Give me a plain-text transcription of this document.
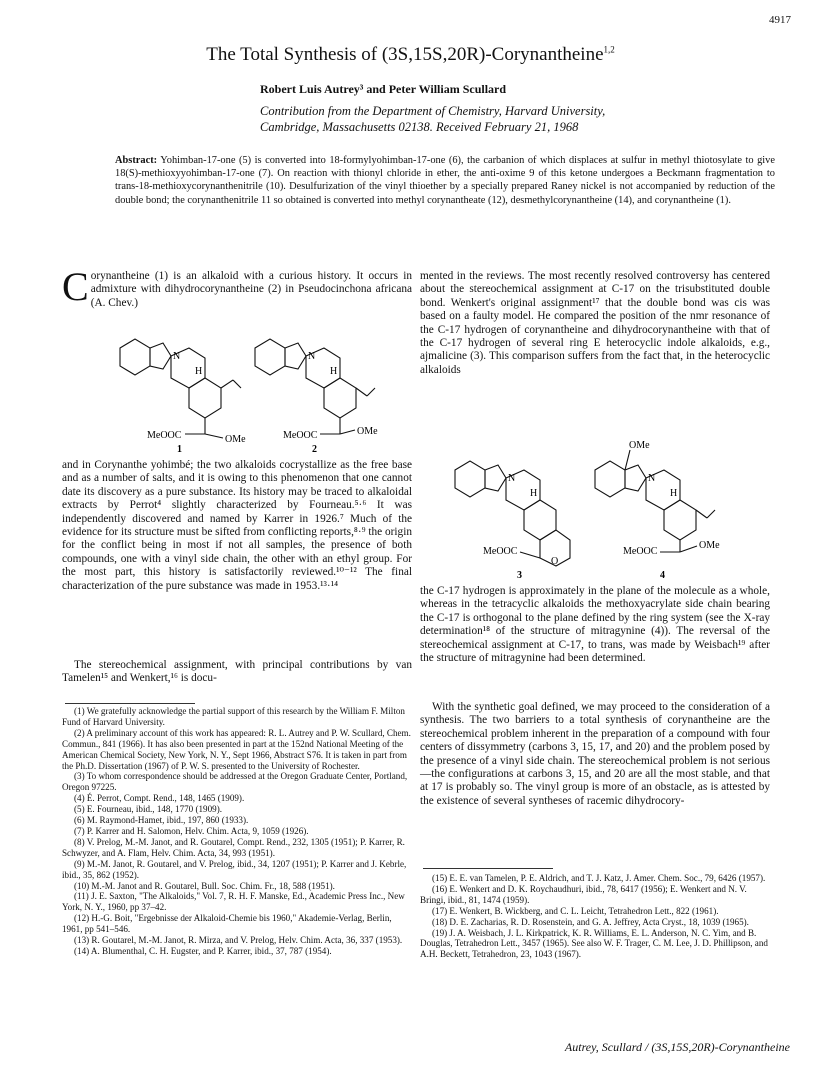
4917
The Total Synthesis of (3S,15S,20R)-Corynantheine$^{1,2}$
Robert Luis Autrey³ and Peter William Scullard
Contribution from the Department of Chemistry, Harvard University,
Cambridge, Massachusetts 02138. Received February 21, 1968
Abstract: Yohimban-17-one (5) is converted into 18-formylyohimban-17-one (6), the carbanion of which displaces at sulfur in methyl thiotosylate to give 18(S)-methioxyyohimban-17-one (7). On reaction with thionyl chloride in ether, the anti-oxime 9 of this ketone undergoes a Beckmann fragmentation to trans-18-methioxycorynanthenitrile (10). Desulfurization of the vinyl thioether by a specially prepared Raney nickel is not accompanied by reduction of the double bond; the corynanthenitrile 11 so obtained is converted into methyl corynantheate (12), desmethylcorynantheine (14), and corynantheine (1).
Corynantheine (1) is an alkaloid with a curious history. It occurs in admixture with dihydrocorynantheine (2) in Pseudocinchona africana (A. Chev.)
N
H
OMe
MeOOC
1
N
H
OMe
MeOOC
2
and in Corynanthe yohimbé; the two alkaloids cocrystallize as the free base and as a number of salts, and it is owing to this phenomenon that one cannot date its discovery as a pure substance. Its history may be traced to alkaloidal extracts by Perrot⁴ slightly characterized by Fourneau.⁵·⁶ It was independently discovered and named by Karrer in 1926.⁷ Much of the evidence for its structure must be sifted from conflicting reports,⁸·⁹ the origin for the conflict being in most if not all samples, the presence of both compounds, one with a vinyl side chain, the other with an ethyl group. For the most part, this history is satisfactorily reviewed.¹⁰⁻¹² The final characterization of the pure substance was made in 1953.¹³·¹⁴
The stereochemical assignment, with principal contributions by van Tamelen¹⁵ and Wenkert,¹⁶ is docu-
(1) We gratefully acknowledge the partial support of this research by the William F. Milton Fund of Harvard University.
(2) A preliminary account of this work has appeared: R. L. Autrey and P. W. Scullard, Chem. Commun., 841 (1966). It has also been presented in part at the 152nd National Meeting of the American Chemical Society, New York, N. Y., Sept 1966, Abstract S76. It is taken in part from the Ph.D. Dissertation (1967) of P. W. S. presented to the University of Rochester.
(3) To whom correspondence should be addressed at the Oregon Graduate Center, Portland, Oregon 97225.
(4) É. Perrot, Compt. Rend., 148, 1465 (1909).
(5) E. Fourneau, ibid., 148, 1770 (1909).
(6) M. Raymond-Hamet, ibid., 197, 860 (1933).
(7) P. Karrer and H. Salomon, Helv. Chim. Acta, 9, 1059 (1926).
(8) V. Prelog, M.-M. Janot, and R. Goutarel, Compt. Rend., 232, 1305 (1951); P. Karrer, R. Schwyzer, and A. Flam, Helv. Chim. Acta, 34, 993 (1951).
(9) M.-M. Janot, R. Goutarel, and V. Prelog, ibid., 34, 1207 (1951); P. Karrer and J. Kebrle, ibid., 35, 862 (1952).
(10) M.-M. Janot and R. Goutarel, Bull. Soc. Chim. Fr., 18, 588 (1951).
(11) J. E. Saxton, "The Alkaloids," Vol. 7, R. H. F. Manske, Ed., Academic Press Inc., New York, N. Y., 1960, pp 37–42.
(12) H.-G. Boit, "Ergebnisse der Alkaloid-Chemie bis 1960," Akademie-Verlag, Berlin, 1961, pp 541–546.
(13) R. Goutarel, M.-M. Janot, R. Mirza, and V. Prelog, Helv. Chim. Acta, 36, 337 (1953).
(14) A. Blumenthal, C. H. Eugster, and P. Karrer, ibid., 37, 787 (1954).
mented in the reviews. The most recently resolved controversy has centered about the stereochemical assignment at C-17 on the trisubstituted double bond. Wenkert's original assignment¹⁷ that the double bond was cis was based on a faulty model. He compared the position of the nmr resonance of the C-17 hydrogen of corynantheine and dihydrocorynantheine with that of the C-17 hydrogen of several ring E heterocyclic indole alkaloids, e.g., ajmalicine (3). This comparison suffers from the fact that, in the heterocyclic alkaloids
N
H
O
MeOOC
3
OMe
N
H
OMe
MeOOC
4
the C-17 hydrogen is approximately in the plane of the molecule as a whole, whereas in the tetracyclic alkaloids the methoxyacrylate side chain bearing the C-17 is orthogonal to the plane defined by the ring system (see the X-ray determination¹⁸ of the structure of mitragynine (4)). The reversal of the stereochemical assignment at C-17, to trans, was made by Weisbach¹⁹ after the structure of mitragynine had been determined.
With the synthetic goal defined, we may proceed to the consideration of a synthesis. The two barriers to a total synthesis of corynantheine are the stereochemical problem inherent in the preparation of a compound with four centers of dissymmetry (carbons 3, 15, 17, and 20) and the problem posed by the presence of a vinyl side chain. The stereochemical problem is not serious—the configurations at carbons 3, 15, and 20 are all the most stable, and that at 17 is probably so. The vinyl group is more of an obstacle, as is attested by the existence of several syntheses of racemic dihydrocory-
(15) E. E. van Tamelen, P. E. Aldrich, and T. J. Katz, J. Amer. Chem. Soc., 79, 6426 (1957).
(16) E. Wenkert and D. K. Roychaudhuri, ibid., 78, 6417 (1956); E. Wenkert and N. V. Bringi, ibid., 81, 1474 (1959).
(17) E. Wenkert, B. Wickberg, and C. L. Leicht, Tetrahedron Lett., 822 (1961).
(18) D. E. Zacharias, R. D. Rosenstein, and G. A. Jeffrey, Acta Cryst., 18, 1039 (1965).
(19) J. A. Weisbach, J. L. Kirkpatrick, K. R. Williams, E. L. Anderson, N. C. Yim, and B. Douglas, Tetrahedron Lett., 3457 (1965). See also W. F. Trager, C. M. Lee, J. D. Phillipson, and A.H. Beckett, Tetrahedron, 23, 1043 (1967).
Autrey, Scullard / (3S,15S,20R)-Corynantheine
